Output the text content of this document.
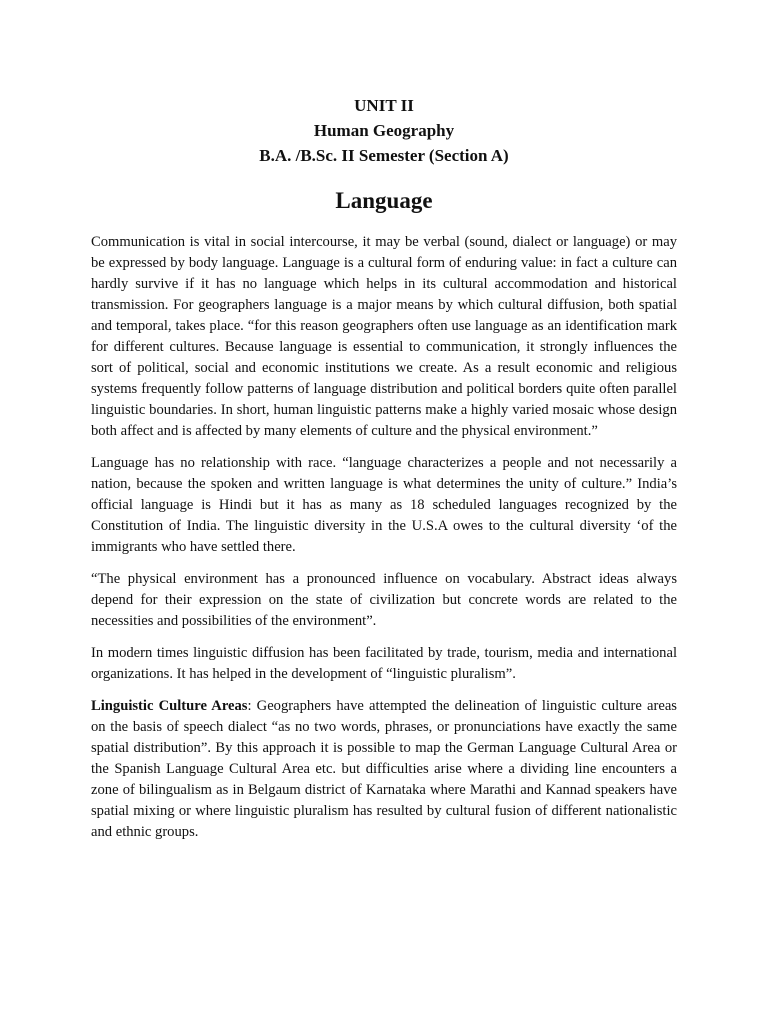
UNIT II
Human Geography
B.A. /B.Sc. II Semester (Section A)
Language

Communication is vital in social intercourse, it may be verbal (sound, dialect or language) or may be expressed by body language. Language is a cultural form of enduring value: in fact a culture can hardly survive if it has no language which helps in its cultural accommodation and historical transmission. For geographers language is a major means by which cultural diffusion, both spatial and temporal, takes place. “for this reason geographers often use language as an identification mark for different cultures. Because language is essential to communication, it strongly influences the sort of political, social and economic institutions we create. As a result economic and religious systems frequently follow patterns of language distribution and political borders quite often parallel linguistic boundaries. In short, human linguistic patterns make a highly varied mosaic whose design both affect and is affected by many elements of culture and the physical environment.”

Language has no relationship with race. “language characterizes a people and not necessarily a nation, because the spoken and written language is what determines the unity of culture.” India’s official language is Hindi but it has as many as 18 scheduled languages recognized by the Constitution of India. The linguistic diversity in the U.S.A owes to the cultural diversity ‘of the immigrants who have settled there.

“The physical environment has a pronounced influence on vocabulary. Abstract ideas always depend for their expression on the state of civilization but concrete words are related to the necessities and possibilities of the environment”.

In modern times linguistic diffusion has been facilitated by trade, tourism, media and international organizations. It has helped in the development of “linguistic pluralism”.

Linguistic Culture Areas: Geographers have attempted the delineation of linguistic culture areas on the basis of speech dialect “as no two words, phrases, or pronunciations have exactly the same spatial distribution”. By this approach it is possible to map the German Language Cultural Area or the Spanish Language Cultural Area etc. but difficulties arise where a dividing line encounters a zone of bilingualism as in Belgaum district of Karnataka where Marathi and Kannad speakers have spatial mixing or where linguistic pluralism has resulted by cultural fusion of different nationalistic and ethnic groups.
